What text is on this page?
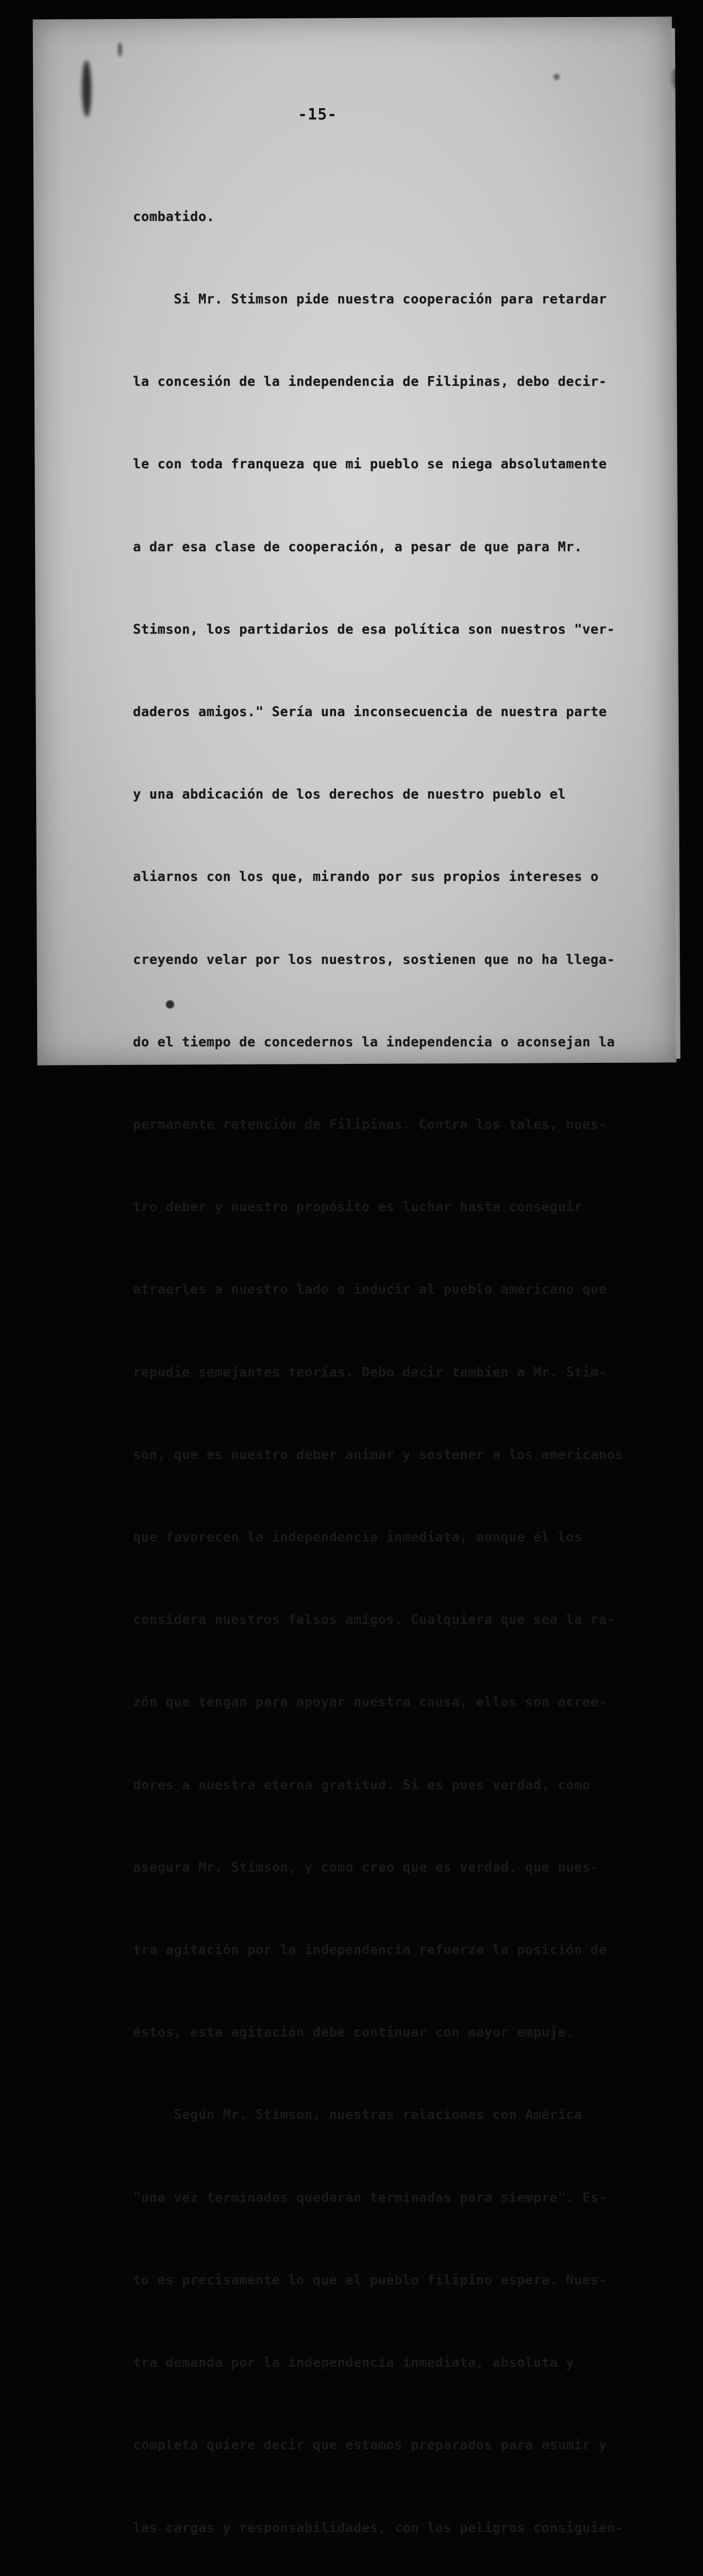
-15-

combatido.

Si Mr. Stimson pide nuestra cooperación para retardar

la concesión de la independencia de Filipinas, debo decir-

le con toda franqueza que mi pueblo se niega absolutamente

a dar esa clase de cooperación, a pesar de que para Mr.

Stimson, los partidarios de esa política son nuestros "ver-

daderos amigos." Sería una inconsecuencia de nuestra parte

y una abdicación de los derechos de nuestro pueblo el

aliarnos con los que, mirando por sus propios intereses o

creyendo velar por los nuestros, sostienen que no ha llega-

do el tiempo de concedernos la independencia o aconsejan la

permanente retención de Filipinas. Contra los tales, nues-

tro deber y nuestro propósito es luchar hasta conseguir

atraerles a nuestro lado o inducir al pueblo americano que

repudie semejantes teorías. Debo decir tambien a Mr. Stim-

son, que es nuestro deber animar y sostener a los americanos

que favorecen la independencia inmediata, aunque él los

considera nuestros falsos amigos. Cualquiera que sea la ra-

zón que tengan para apoyar nuestra causa, ellos son acree-

dores a nuestra eterna gratitud. Si es pues verdad, como

asegura Mr. Stimson, y como creo que es verdad, que nues-

tra agitación por la independencia refuerza la posición de

éstos, esta agitación debe continuar con mayor empuje.

Según Mr. Stimson, nuestras relaciones con América

"una vez terminadas quedarán terminadas para siempre". Es-

to es precisamente lo que el pueblo filipino espera. Nues-

tra demanda por la independencia inmediata, absoluta y

completa quiere decir que estamos preparados para asumir y

las cargas y responsabilidades, con los peligros consiguien-
